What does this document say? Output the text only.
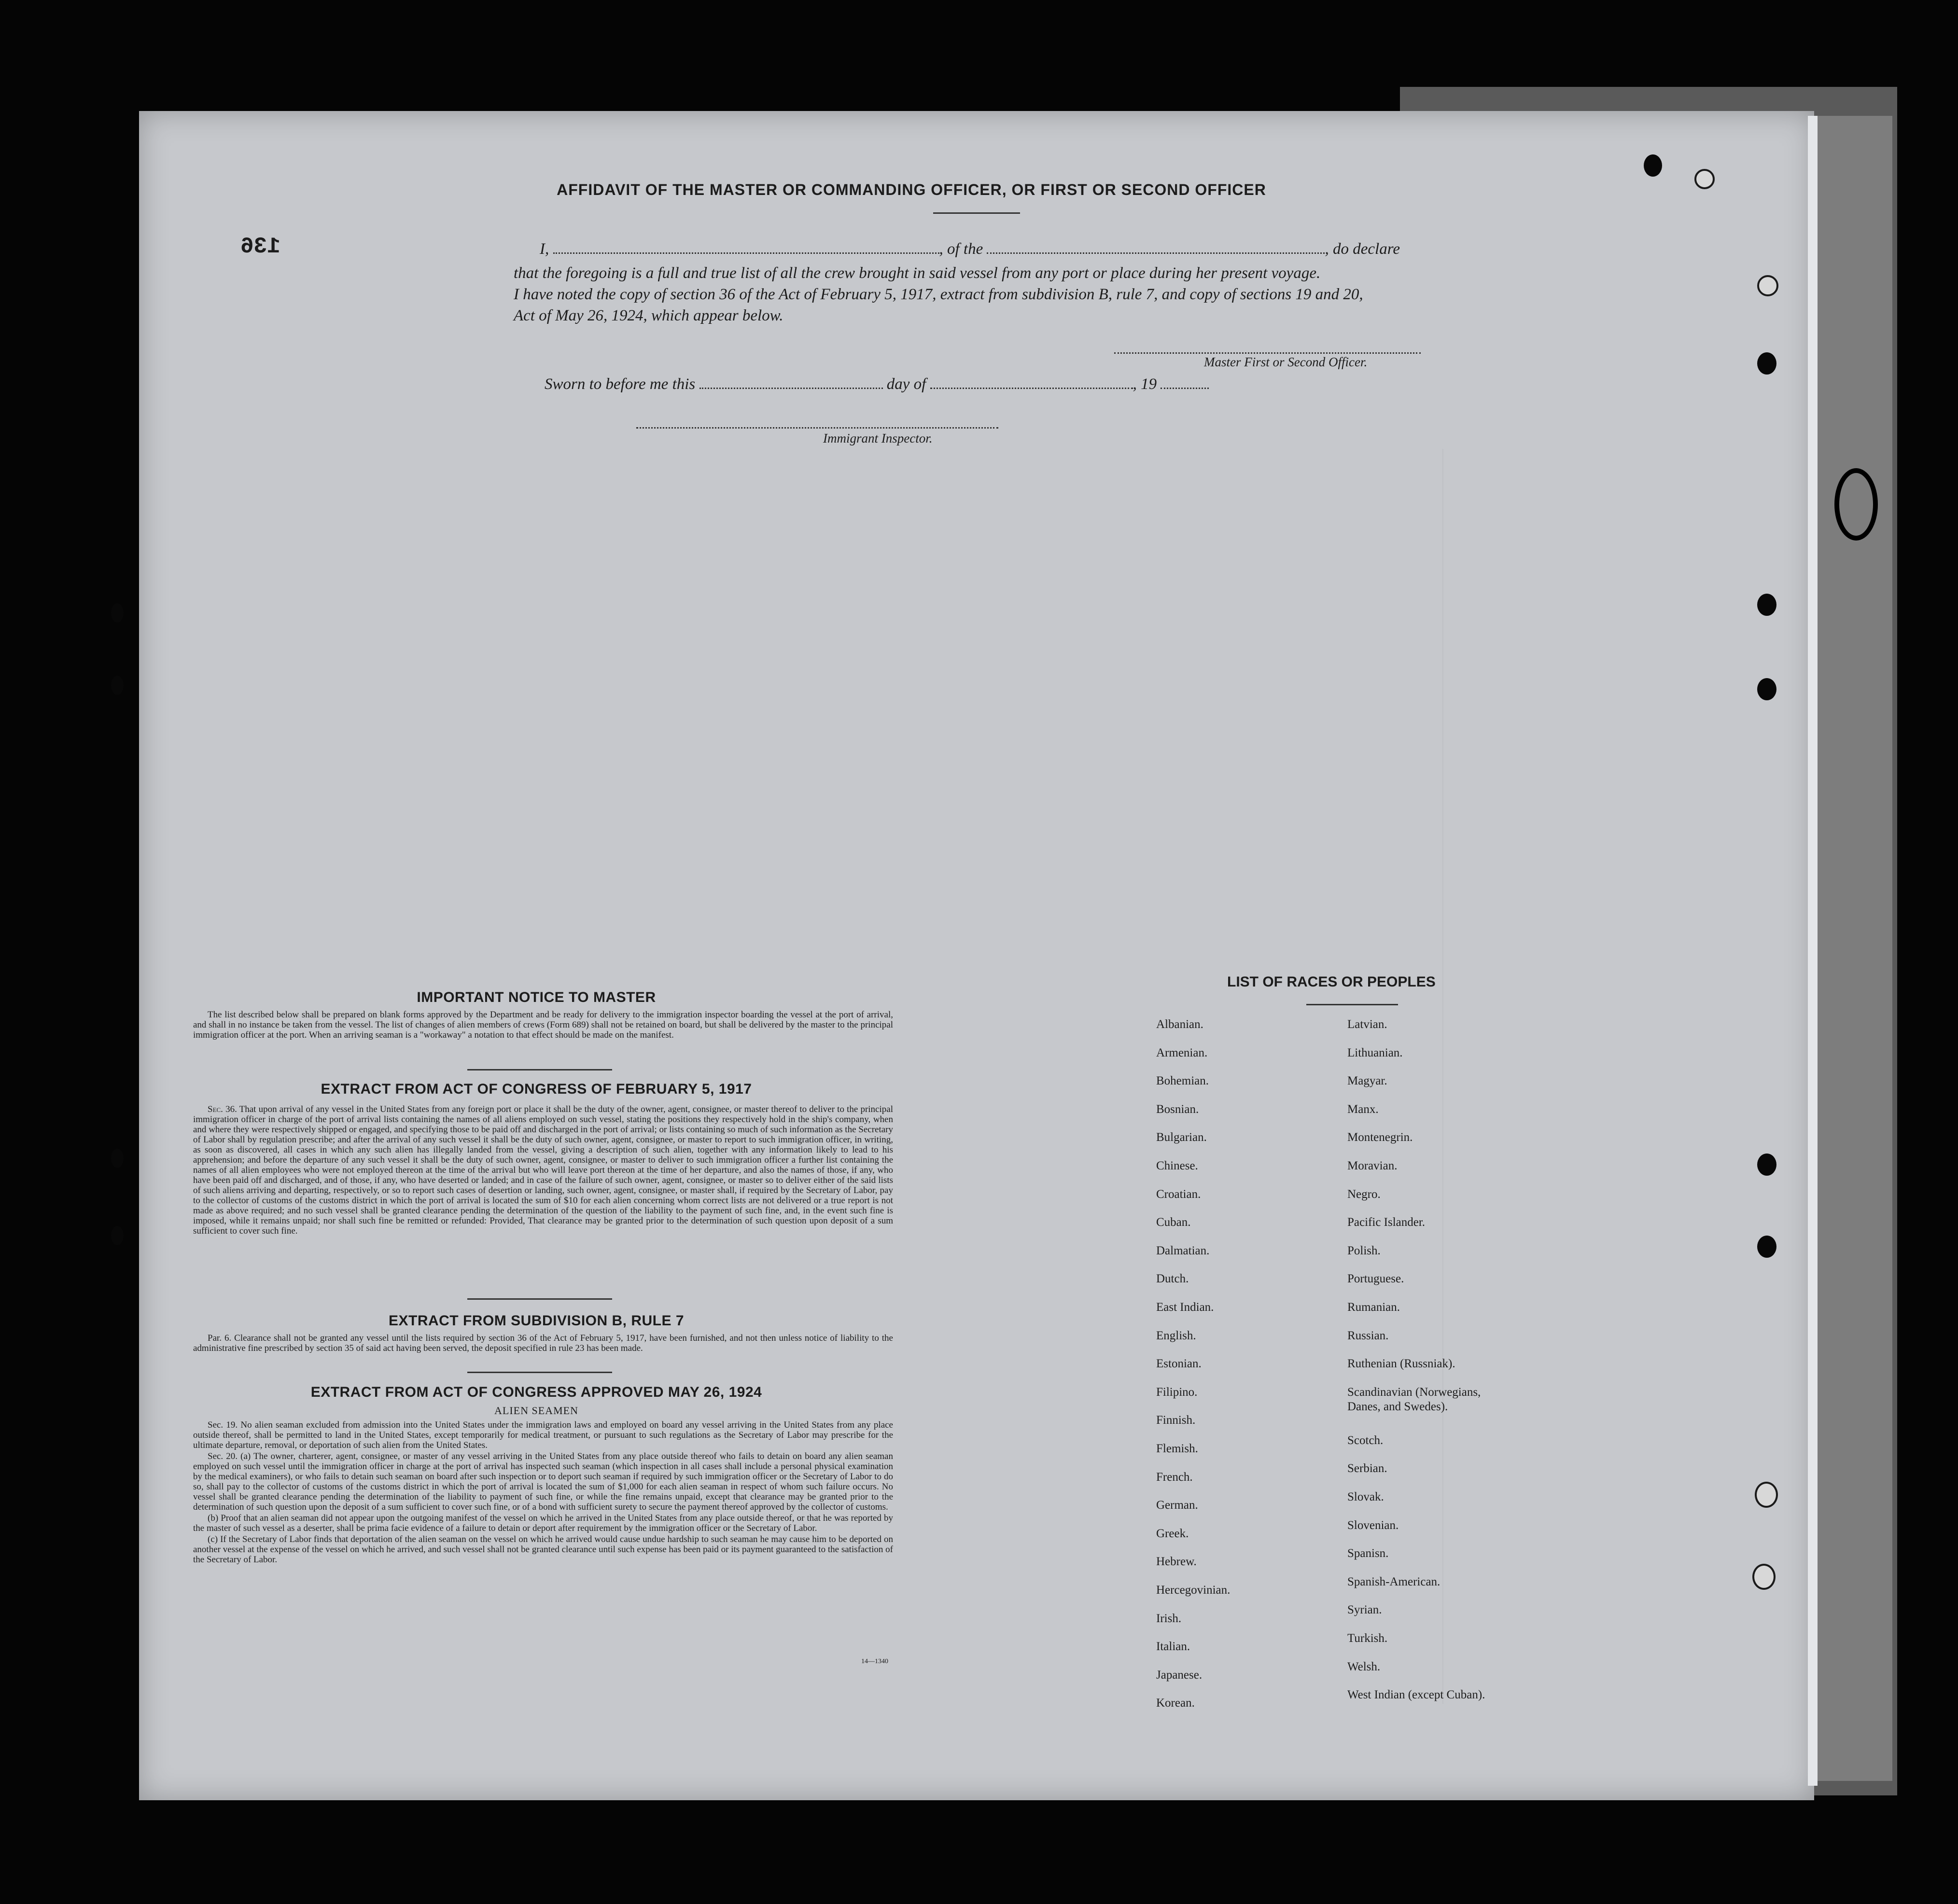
AFFIDAVIT OF THE MASTER OR COMMANDING OFFICER, OR FIRST OR SECOND OFFICER
136	I,	, of the	, do declare
that the foregoing is a full and true list of all the crew brought in said vessel from any port or place during her present voyage.
I have noted the copy of section 36 of the Act of February 5, 1917, extract from subdivision B, rule 7, and copy of sections 19 and 20,
Act of May 26, 1924, which appear below.
Master First or Second Officer.
Sworn to before me this	day of	, 19
Immigrant Inspector.
IMPORTANT NOTICE TO MASTER

The list described below shall be prepared on blank forms approved by the Department and be ready for delivery to the immigration inspector boarding the vessel at the port of arrival, and shall in no instance be taken from the vessel. The list of changes of alien members of crews (Form 689) shall not be retained on board, but shall be delivered by the master to the principal immigration officer at the port. When an arriving seaman is a "workaway" a notation to that effect should be made on the manifest.

EXTRACT FROM ACT OF CONGRESS OF FEBRUARY 5, 1917

Sec. 36. That upon arrival of any vessel in the United States from any foreign port or place it shall be the duty of the owner, agent, consignee, or master thereof to deliver to the principal immigration officer in charge of the port of arrival lists containing the names of all aliens employed on such vessel, stating the positions they respectively hold in the ship's company, when and where they were respectively shipped or engaged, and specifying those to be paid off and discharged in the port of arrival; or lists containing so much of such information as the Secretary of Labor shall by regulation prescribe; and after the arrival of any such vessel it shall be the duty of such owner, agent, consignee, or master to report to such immigration officer, in writing, as soon as discovered, all cases in which any such alien has illegally landed from the vessel, giving a description of such alien, together with any information likely to lead to his apprehension; and before the departure of any such vessel it shall be the duty of such owner, agent, consignee, or master to deliver to such immigration officer a further list containing the names of all alien employees who were not employed thereon at the time of the arrival but who will leave port thereon at the time of her departure, and also the names of those, if any, who have been paid off and discharged, and of those, if any, who have deserted or landed; and in case of the failure of such owner, agent, consignee, or master so to deliver either of the said lists of such aliens arriving and departing, respectively, or so to report such cases of desertion or landing, such owner, agent, consignee, or master shall, if required by the Secretary of Labor, pay to the collector of customs of the customs district in which the port of arrival is located the sum of $10 for each alien concerning whom correct lists are not delivered or a true report is not made as above required; and no such vessel shall be granted clearance pending the determination of the question of the liability to the payment of such fine, and, in the event such fine is imposed, while it remains unpaid; nor shall such fine be remitted or refunded: Provided, That clearance may be granted prior to the determination of such question upon deposit of a sum sufficient to cover such fine.

EXTRACT FROM SUBDIVISION B, RULE 7

Par. 6. Clearance shall not be granted any vessel until the lists required by section 36 of the Act of February 5, 1917, have been furnished, and not then unless notice of liability to the administrative fine prescribed by section 35 of said act having been served, the deposit specified in rule 23 has been made.

EXTRACT FROM ACT OF CONGRESS APPROVED MAY 26, 1924
ALIEN SEAMEN

Sec. 19. No alien seaman excluded from admission into the United States under the immigration laws and employed on board any vessel arriving in the United States from any place outside thereof, shall be permitted to land in the United States, except temporarily for medical treatment, or pursuant to such regulations as the Secretary of Labor may prescribe for the ultimate departure, removal, or deportation of such alien from the United States.

Sec. 20. (a) The owner, charterer, agent, consignee, or master of any vessel arriving in the United States from any place outside thereof who fails to detain on board any alien seaman employed on such vessel until the immigration officer in charge at the port of arrival has inspected such seaman (which inspection in all cases shall include a personal physical examination by the medical examiners), or who fails to detain such seaman on board after such inspection or to deport such seaman if required by such immigration officer or the Secretary of Labor to do so, shall pay to the collector of customs of the customs district in which the port of arrival is located the sum of $1,000 for each alien seaman in respect of whom such failure occurs. No vessel shall be granted clearance pending the determination of the liability to payment of such fine, or while the fine remains unpaid, except that clearance may be granted prior to the determination of such question upon the deposit of a sum sufficient to cover such fine, or of a bond with sufficient surety to secure the payment thereof approved by the collector of customs.

(b) Proof that an alien seaman did not appear upon the outgoing manifest of the vessel on which he arrived in the United States from any place outside thereof, or that he was reported by the master of such vessel as a deserter, shall be prima facie evidence of a failure to detain or deport after requirement by the immigration officer or the Secretary of Labor.

(c) If the Secretary of Labor finds that deportation of the alien seaman on the vessel on which he arrived would cause undue hardship to such seaman he may cause him to be deported on another vessel at the expense of the vessel on which he arrived, and such vessel shall not be granted clearance until such expense has been paid or its payment guaranteed to the satisfaction of the Secretary of Labor.

14—1340
LIST OF RACES OR PEOPLES
Albanian.
Armenian.
Bohemian.
Bosnian.
Bulgarian.
Chinese.
Croatian.
Cuban.
Dalmatian.
Dutch.
East Indian.
English.
Estonian.
Filipino.
Finnish.
Flemish.
French.
German.
Greek.
Hebrew.
Hercegovinian.
Irish.
Italian.
Japanese.
Korean.
Latvian.
Lithuanian.
Magyar.
Manx.
Montenegrin.
Moravian.
Negro.
Pacific Islander.
Polish.
Portuguese.
Rumanian.
Russian.
Ruthenian (Russniak).
Scandinavian (Norwegians,
Danes, and Swedes).
Scotch.
Serbian.
Slovak.
Slovenian.
Spanisn.
Spanish-American.
Syrian.
Turkish.
Welsh.
West Indian (except Cuban).
